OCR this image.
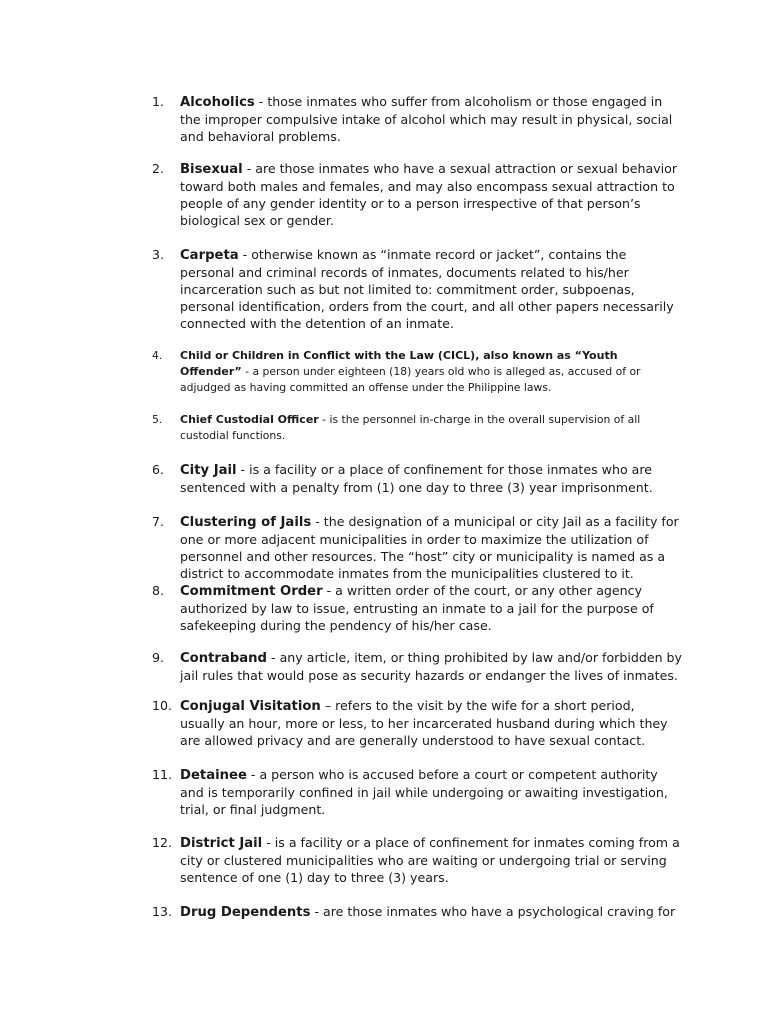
1.	Alcoholics - those inmates who suffer from alcoholism or those engaged in the improper compulsive intake of alcohol which may result in physical, social and behavioral problems.
2.	Bisexual - are those inmates who have a sexual attraction or sexual behavior toward both males and females, and may also encompass sexual attraction to people of any gender identity or to a person irrespective of that person’s biological sex or gender.
3.	Carpeta - otherwise known as “inmate record or jacket”, contains the personal and criminal records of inmates, documents related to his/her incarceration such as but not limited to: commitment order, subpoenas, personal identification, orders from the court, and all other papers necessarily connected with the detention of an inmate.
4.	Child or Children in Conflict with the Law (CICL), also known as “Youth Offender” - a person under eighteen (18) years old who is alleged as, accused of or adjudged as having committed an offense under the Philippine laws.
5.	Chief Custodial Officer - is the personnel in-charge in the overall supervision of all custodial functions.
6.	City Jail - is a facility or a place of confinement for those inmates who are sentenced with a penalty from (1) one day to three (3) year imprisonment.
7.	Clustering of Jails - the designation of a municipal or city Jail as a facility for one or more adjacent municipalities in order to maximize the utilization of personnel and other resources. The “host” city or municipality is named as a district to accommodate inmates from the municipalities clustered to it.
8.	Commitment Order - a written order of the court, or any other agency authorized by law to issue, entrusting an inmate to a jail for the purpose of safekeeping during the pendency of his/her case.
9.	Contraband - any article, item, or thing prohibited by law and/or forbidden by jail rules that would pose as security hazards or endanger the lives of inmates.
10. Conjugal Visitation – refers to the visit by the wife for a short period, usually an hour, more or less, to her incarcerated husband during which they are allowed privacy and are generally understood to have sexual contact.
11. Detainee - a person who is accused before a court or competent authority and is temporarily confined in jail while undergoing or awaiting investigation, trial, or final judgment.
12. District Jail - is a facility or a place of confinement for inmates coming from a city or clustered municipalities who are waiting or undergoing trial or serving sentence of one (1) day to three (3) years.
13. Drug Dependents - are those inmates who have a psychological craving for
